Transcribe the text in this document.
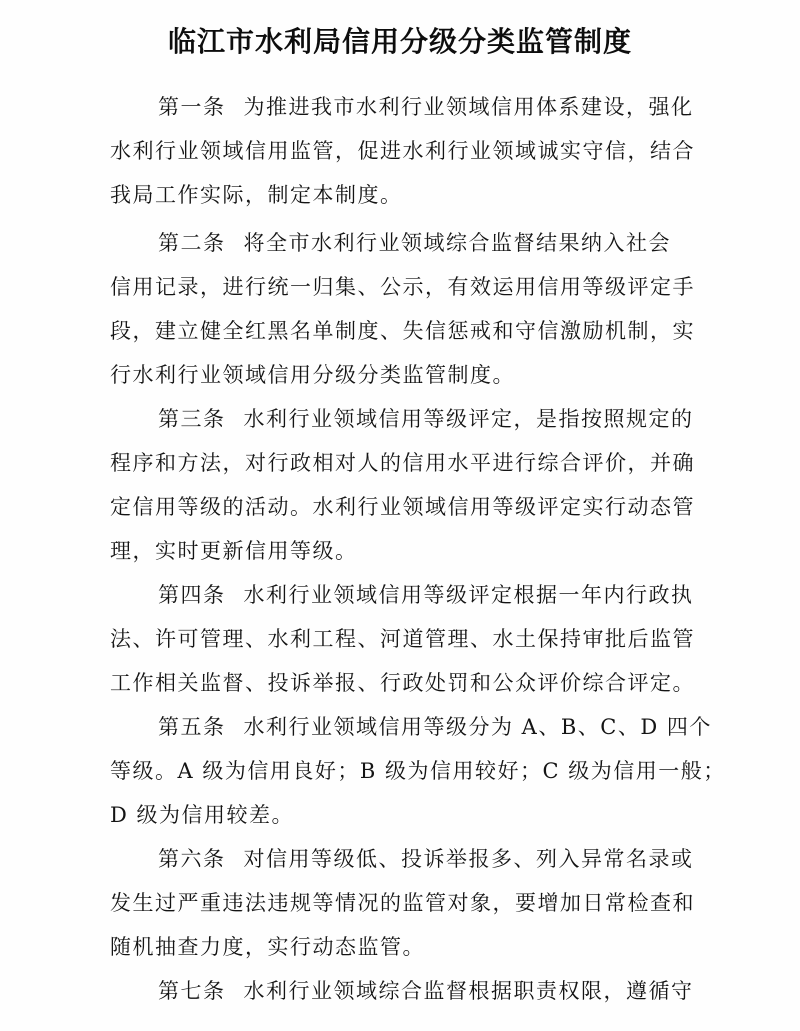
临江市水利局信用分级分类监管制度
第一条 为推进我市水利行业领域信用体系建设，强化
水利行业领域信用监管，促进水利行业领域诚实守信，结合
我局工作实际，制定本制度。
第二条 将全市水利行业领域综合监督结果纳入社会
信用记录，进行统一归集、公示，有效运用信用等级评定手
段，建立健全红黑名单制度、失信惩戒和守信激励机制，实
行水利行业领域信用分级分类监管制度。
第三条 水利行业领域信用等级评定，是指按照规定的
程序和方法，对行政相对人的信用水平进行综合评价，并确
定信用等级的活动。水利行业领域信用等级评定实行动态管
理，实时更新信用等级。
第四条 水利行业领域信用等级评定根据一年内行政执
法、许可管理、水利工程、河道管理、水土保持审批后监管
工作相关监督、投诉举报、行政处罚和公众评价综合评定。
第五条 水利行业领域信用等级分为 A、B、C、D 四个
等级。A 级为信用良好；B 级为信用较好；C 级为信用一般；
D 级为信用较差。
第六条 对信用等级低、投诉举报多、列入异常名录或
发生过严重违法违规等情况的监管对象，要增加日常检查和
随机抽查力度，实行动态监管。
第七条 水利行业领域综合监督根据职责权限，遵循守
